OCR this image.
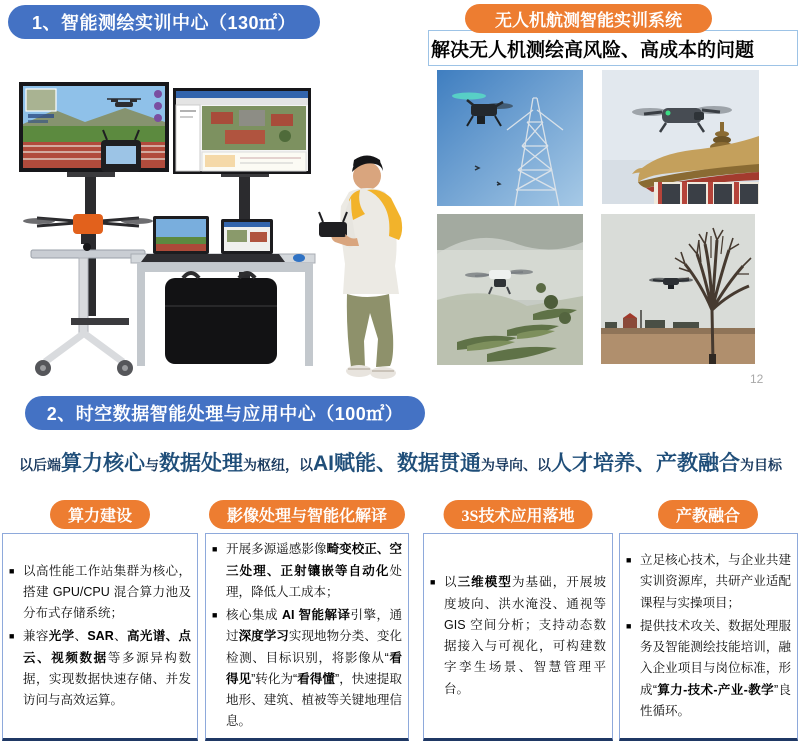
1、智能测绘实训中心（130㎡）	无人机航测智能实训系统
解决无人机测绘高风险、高成本的问题
12
2、时空数据智能处理与应用中心（100㎡）
以后端算力核心与数据处理为枢纽，以AI赋能、数据贯通为导向、以人才培养、产教融合为目标
算力建设	影像处理与智能化解译	3S技术应用落地	产教融合
■ 以高性能工作站集群为核心，搭建 GPU/CPU 混合算力池及分布式存储系统；
■ 兼容光学、SAR、高光谱、点云、视频数据等多源异构数据，实现数据快速存储、并发访问与高效运算。
■ 开展多源遥感影像畸变校正、空三处理、正射镶嵌等自动化处理，降低人工成本；
■ 核心集成 AI 智能解译引擎，通过深度学习实现地物分类、变化检测、目标识别，将影像从“看得见”转化为“看得懂”，快速提取地形、建筑、植被等关键地理信息。
■ 以三维模型为基础，开展坡度坡向、洪水淹没、通视等 GIS 空间分析；支持动态数据接入与可视化，可构建数字孪生场景、智慧管理平台。
■ 立足核心技术，与企业共建实训资源库，共研产业适配课程与实操项目；
■ 提供技术攻关、数据处理服务及智能测绘技能培训，融入企业项目与岗位标准，形成“算力-技术-产业-教学”良性循环。
